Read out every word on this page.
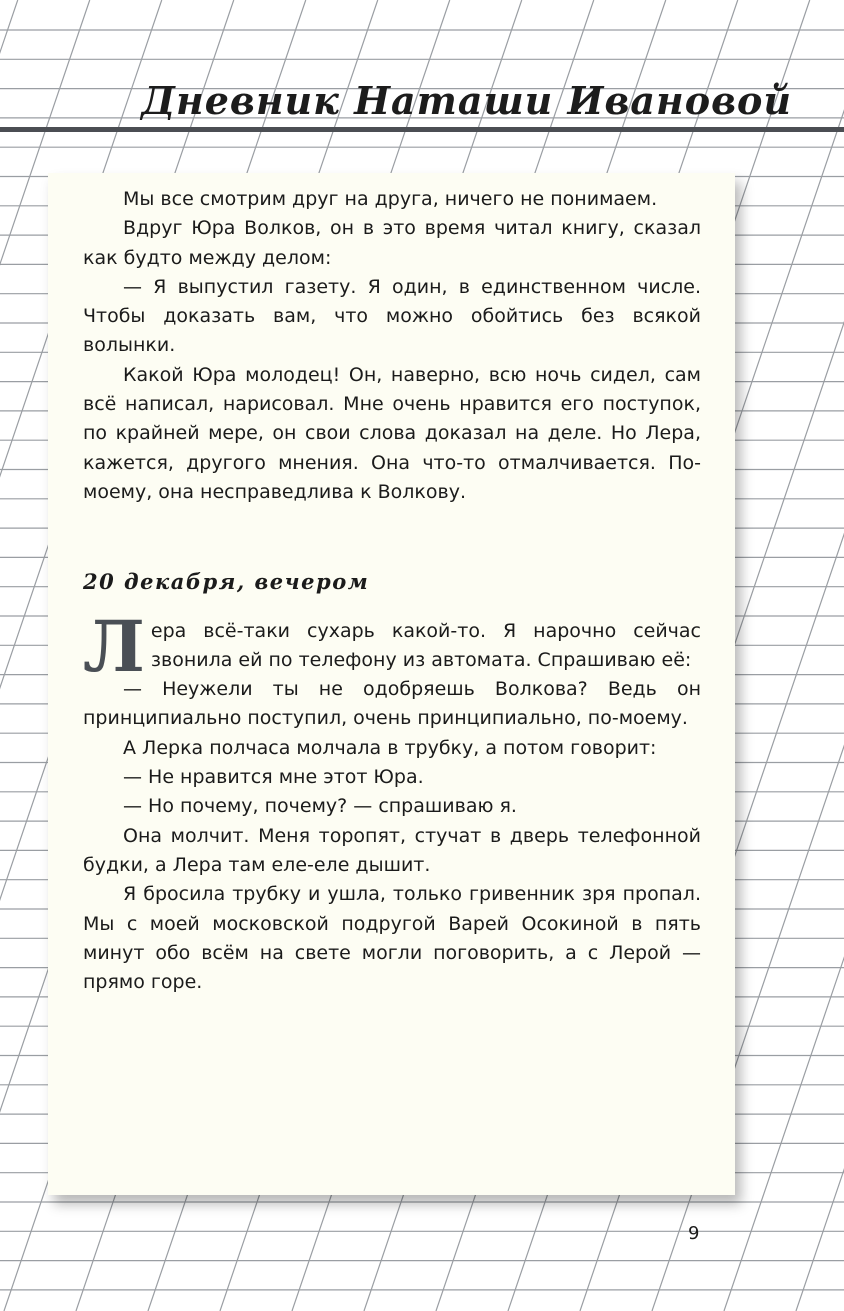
Дневник Наташи Ивановой

Мы все смотрим друг на друга, ничего не понимаем.

Вдруг Юра Волков, он в это время читал книгу, сказал как будто между делом:

— Я выпустил газету. Я один, в единственном числе. Чтобы доказать вам, что можно обойтись без всякой волынки.

Какой Юра молодец! Он, наверно, всю ночь сидел, сам всё написал, нарисовал. Мне очень нравится его поступок, по крайней мере, он свои слова доказал на деле. Но Лера, кажется, другого мнения. Она что-то отмалчивается. По-моему, она несправедлива к Волкову.

20 декабря, вечером

Лера всё-таки сухарь какой-то. Я нарочно сейчас звонила ей по телефону из автомата. Спрашиваю её:

— Неужели ты не одобряешь Волкова? Ведь он принципиально поступил, очень принципиально, по-моему.

А Лерка полчаса молчала в трубку, а потом говорит:

— Не нравится мне этот Юра.

— Но почему, почему? — спрашиваю я.

Она молчит. Меня торопят, стучат в дверь телефонной будки, а Лера там еле-еле дышит.

Я бросила трубку и ушла, только гривенник зря пропал. Мы с моей московской подругой Варей Осокиной в пять минут обо всём на свете могли поговорить, а с Лерой — прямо горе.

9
